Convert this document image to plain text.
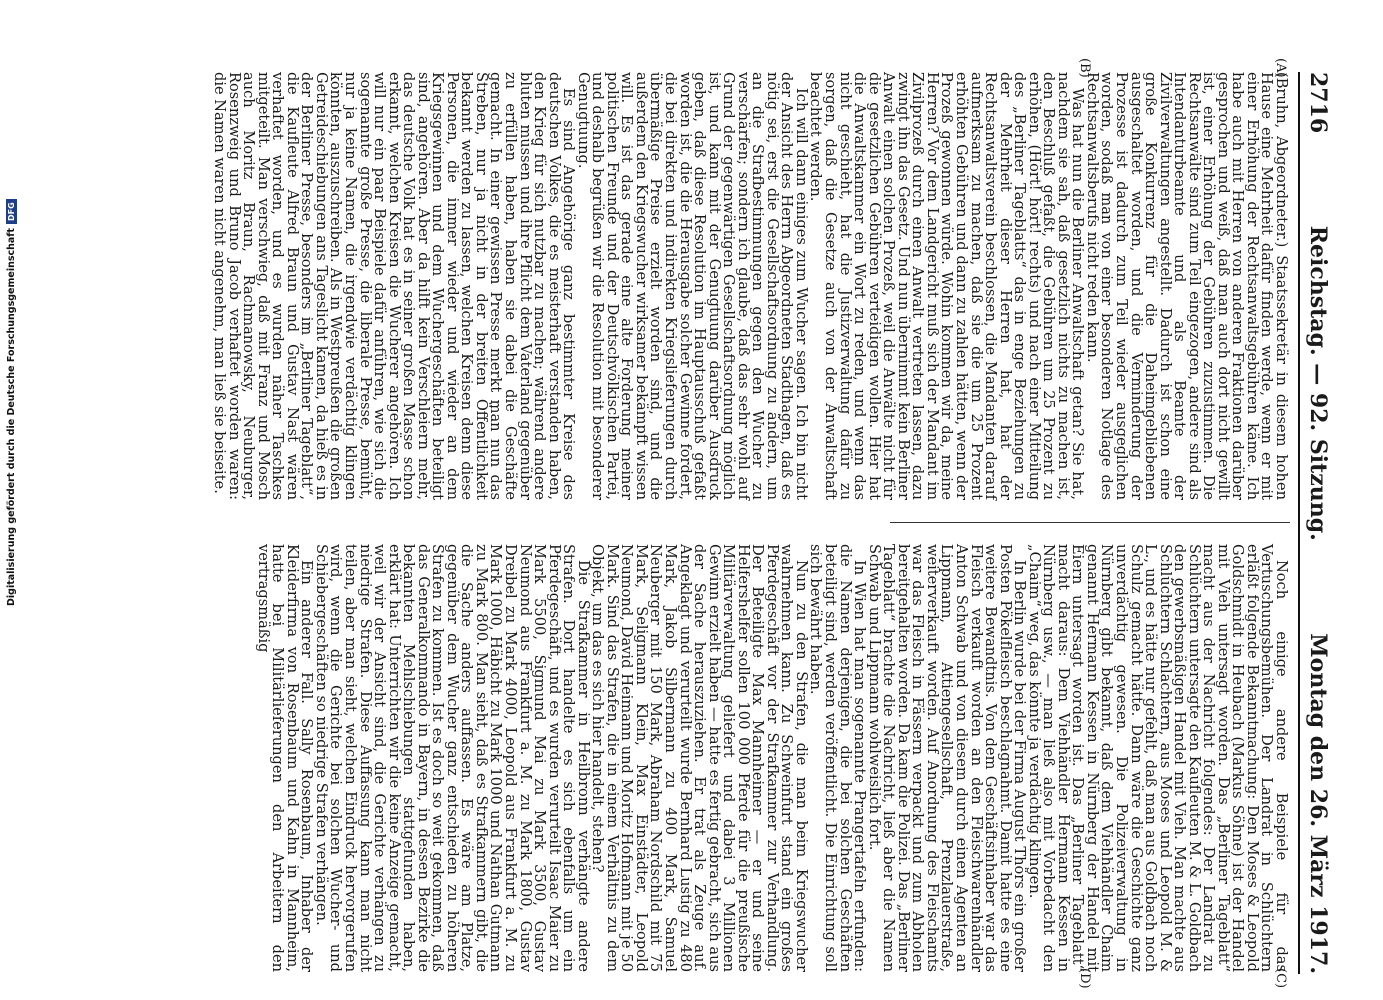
2716
Reichstag. — 92. Sitzung.
Montag den 26. März 1917.
(A)
(B)
(C)
(D)

(Bruhn, Abgeordneter.) Staatssekretär in diesem hohen Hause eine Mehrheit dafür finden werde, wenn er mit einer Erhöhung der Rechtsanwaltsgebühren käme. Ich habe auch mit Herren von anderen Fraktionen darüber gesprochen und weiß, daß man auch dort nicht gewillt ist, einer Erhöhung der Gebühren zuzustimmen. Die Rechtsanwälte sind zum Teil eingezogen, andere sind als Intendanturbeamte und als Beamte der Zivilverwaltungen angestellt. Dadurch ist schon eine große Konkurrenz für die Daheimgebliebenen ausgeschaltet worden, und die Verminderung der Prozesse ist dadurch zum Teil wieder ausgeglichen worden, sodaß man von einer besonderen Notlage des Rechtsanwaltsberufs nicht reden kann.

Was hat nun die Berliner Anwaltschaft getan? Sie hat, nachdem sie sah, daß gesetzlich nichts zu machen ist, den Beschluß gefaßt, die Gebühren um 25 Prozent zu erhöhen, (Hört! hört! rechts) und nach einer Mitteilung des „Berliner Tageblatts“ das in enge Beziehungen zu der Mehrheit dieser Herren hat, hat der Rechtsanwaltsverein beschlossen, die Mandanten darauf aufmerksam zu machen, daß sie die um 25 Prozent erhöhten Gebühren und dann zu zahlen hätten, wenn der Prozeß gewonnen würde. Wohin kommen wir da, meine Herren? Vor dem Landgericht muß sich der Mandant im Zivilprozeß durch einen Anwalt vertreten lassen, dazu zwingt ihn das Gesetz. Und nun übernimmt kein Berliner Anwalt einen solchen Prozeß, weil die Anwälte nicht für die gesetzlichen Gebühren verteidigen wollen. Hier hat die Anwaltskammer ein Wort zu reden, und wenn das nicht geschieht, hat die Justizverwaltung dafür zu sorgen, daß die Gesetze auch von der Anwaltschaft beachtet werden.

Ich will dann einiges zum Wucher sagen. Ich bin nicht der Ansicht des Herrn Abgeordneten Stadthagen, daß es nötig sei, erst die Gesellschaftsordnung zu ändern, um an die Strafbestimmungen gegen den Wucher zu verschärfen; sondern ich glaube, daß das sehr wohl auf Grund der gegenwärtigen Gesellschaftsordnung möglich ist, und kann mit der Genugtuung darüber Ausdruck geben, daß diese Resolution im Hauptausschuß gefaßt worden ist, die die Herausgabe solcher Gewinne fordert, die bei direkten und indirekten Kriegslieferungen durch übermäßige Preise erzielt worden sind, und die außerdem den Kriegswucher wirksamer bekämpft wissen will. Es ist das gerade eine alte Forderung meiner politischen Freunde und der Deutschvölkischen Partei, und deshalb begrüßen wir die Resolution mit besonderer Genugtuung.

Es sind Angehörige ganz bestimmter Kreise des deutschen Volkes, die es meisterhaft verstanden haben, den Krieg für sich nutzbar zu machen; während andere bluten müssen und ihre Pflicht dem Vaterland gegenüber zu erfüllen haben, haben sie dabei die Geschäfte gemacht. In einer gewissen Presse merkt man nun das Streben, nur ja nicht in der breiten Öffentlichkeit bekannt werden zu lassen, welchen Kreisen denn diese Personen, die immer wieder und wieder an dem Kriegsgewinnen und dem Wuchergeschäften beteiligt sind, angehören. Aber da hilft kein Verschleiern mehr, das deutsche Volk hat es in seiner großen Masse schon erkannt, welchen Kreisen die Wucherer angehören. Ich will nur ein paar Beispiele dafür anführen, wie sich die sogenannte große Presse, die liberale Presse, bemüht, nur ja keine Namen, die irgendwie verdächtig klingen könnten, auszuschreiben. Als in Westpreußen die großen Getreideschiebungen ans Tageslicht kamen, da hieß es in der Berliner Presse, besonders im „Berliner Tageblatt“, die Kaufleute Alfred Braun und Gustav Nast wären verhaftet worden, und es wurden näher Taschkes mitgeteilt. Man verschwieg, daß mit Franz und Mosch auch Moritz Braun, Rachmanowsky, Neuburger, Rosenzweig und Bruno Jacob verhaftet worden waren: die Namen waren nicht angenehm, man ließ sie beiseite.

Noch einige andere Beispiele für das Vertuschungsbemühen. Der Landrat in Schlüchtern erläßt folgende Bekanntmachung: Den Moses & Leopold Goldschmidt in Heubach (Markus Söhne) ist der Handel mit Vieh untersagt worden. Das „Berliner Tageblatt“ macht aus der Nachricht folgendes: Der Landrat zu Schlüchtern untersagte den Kaufleuten M. & L. Goldbach den gewerbsmäßigen Handel mit Vieh. Man machte aus Schlüchtern Schlachtern, aus Moses und Leopold M. & L., und es hätte nur gefehlt, daß man aus Goldbach noch Schulz gemacht hätte. Dann wäre die Geschichte ganz unverdächtig gewesen. Die Polizeiverwaltung in Nürnberg gibt bekannt, daß dem Viehhändler Chaim genannt Hermann Kessen in Nürnberg der Handel mit Eiern untersagt worden ist. Das „Berliner Tageblatt“ macht daraus: Dem Viehhändler Hermann Kessen in Nürnberg usw., — man ließ also mit Vorbedacht den „Chaim“ weg, das könnte ja verdächtig klingen.

In Berlin wurde bei der Firma August Thörs ein großer Posten Pökelfleisch beschlagnahmt. Damit hatte es eine weitere Bewandtnis. Von dem Geschäftsinhaber war das Fleisch verkauft worden an den Fleischwarenhändler Anton Schwab und von diesem durch einen Agenten an Lippmann, Attiengesellschaft, Prenzlauerstraße, weiterverkauft worden. Auf Anordnung des Fleischamts war das Fleisch in Fässern verpackt und zum Abholen bereitgehalten worden. Da kam die Polizei. Das „Berliner Tageblatt“ brachte die Nachricht, ließ aber die Namen Schwab und Lippmann wohlweislich fort.

In Wien hat man sogenannte Prangertafeln erfunden: die Namen derjenigen, die bei solchen Geschäften beteiligt sind, werden veröffentlicht. Die Einrichtung soll sich bewährt haben.

Nun zu den Strafen, die man beim Kriegswucher wahrnehmen kann. Zu Schweinfurt stand ein großes Pferdegeschäft vor der Strafkammer zur Verhandlung. Der Beteiligte Max Mannheimer — er und seine Helfershelfer sollen 100 000 Pferde für die preußische Militärverwaltung geliefert und dabei 3 Millionen Gewinn erzielt haben — hatte es fertig gebracht, sich aus der Sache herauszuziehen. Er trat als Zeuge auf. Angeklagt und verurteilt wurde Bernhard Lustig zu 480 Mark, Jakob Silbermann zu 400 Mark, Samuel Neuberger mit 150 Mark, Abraham Nordschild mit 75 Mark, Seligmann Klein, Max Einstädter, Leopold Neumond, David Heimann und Moritz Hofmann mit je 50 Mark. Sind das Strafen, die in einem Verhältnis zu dem Objekt, um das es sich hier handelt, stehen?

Die Strafkammer in Heilbronn verhängte andere Strafen. Dort handelte es sich ebenfalls um ein Pferdegeschäft, und es wurden verurteilt Isaac Maier zu Mark 5500, Sigmund Mai zu Mark 3500, Gustav Neumond aus Frankfurt a. M. zu Mark 1800, Gustav Dreibel zu Mark 4000, Leopold aus Frankfurt a. M. zu Mark 1000, Häbicht zu Mark 1000 und Nathan Gutmann zu Mark 800. Man sieht, daß es Strafkammern gibt, die die Sache anders auffassen. Es wäre am Platze, gegenüber dem Wucher ganz entschieden zu höheren Strafen zu kommen. Ist es doch so weit gekommen, daß das Generalkommando in Bayern, in dessen Bezirke die bekannten Mehlschiebungen stattgefunden haben, erklärt hat: Unterrichten wir die keine Anzeige gemacht, weil wir der Ansicht sind, die Gerichte verhängen zu niedrige Strafen. Diese Auffassung kann man nicht teilen, aber man sieht, welchen Eindruck hervorgerufen wird, wenn die Gerichte bei solchen Wucher- und Schiebergeschäften so niedrige Strafen verhängen.

Ein anderer Fall. Sally Rosenbaum, Inhaber der Kleiderfirma von Rosenbaum und Kahn in Mannheim, hatte bei Militärlieferungen den Arbeitern den vertragsmäßig

Digitalisierung gefördert durch die Deutsche Forschungsgemeinschaft
DFG
